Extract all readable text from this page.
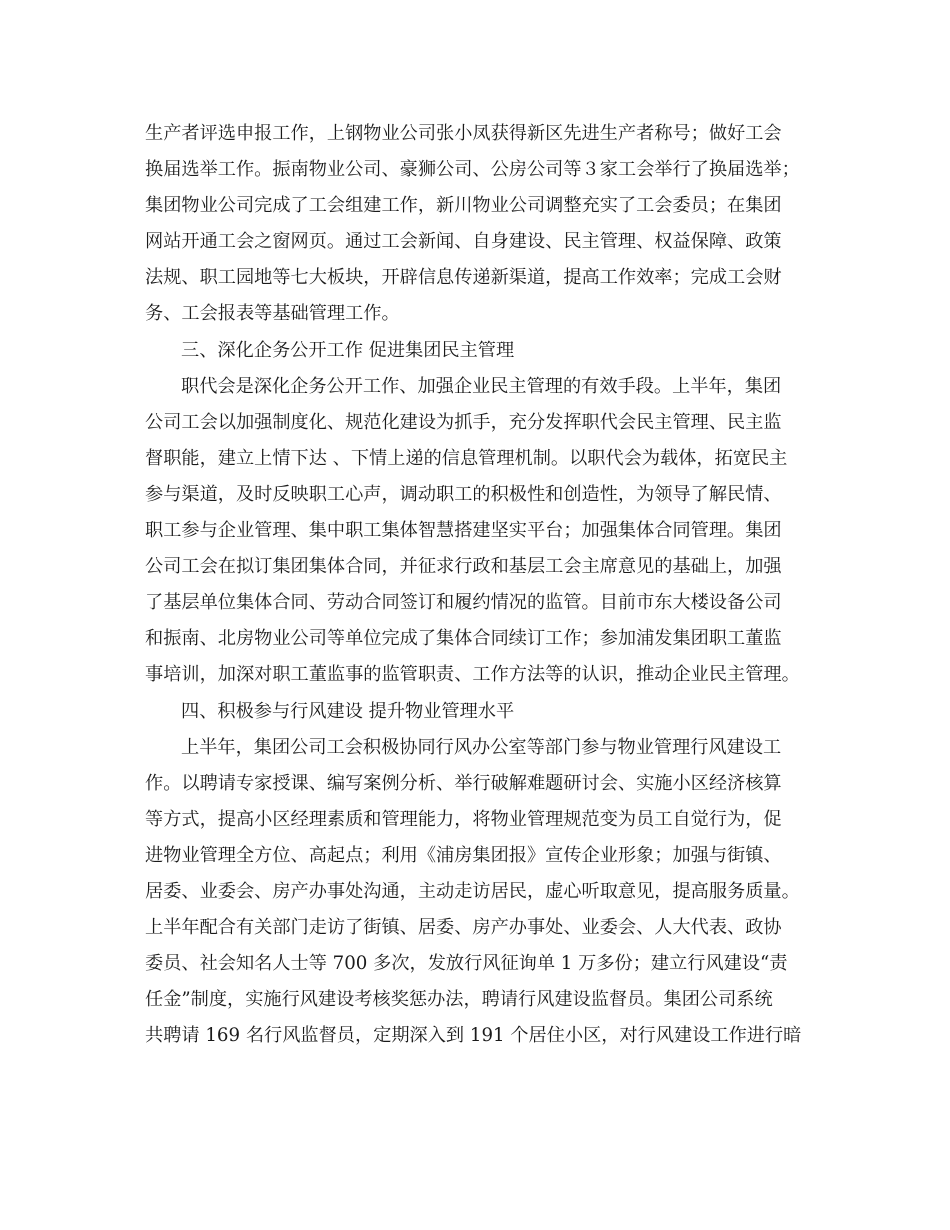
生产者评选申报工作，上钢物业公司张小凤获得新区先进生产者称号；做好工会
换届选举工作。振南物业公司、豪狮公司、公房公司等３家工会举行了换届选举；
集团物业公司完成了工会组建工作，新川物业公司调整充实了工会委员；在集团
网站开通工会之窗网页。通过工会新闻、自身建设、民主管理、权益保障、政策
法规、职工园地等七大板块，开辟信息传递新渠道，提高工作效率；完成工会财
务、工会报表等基础管理工作。
三、深化企务公开工作 促进集团民主管理
职代会是深化企务公开工作、加强企业民主管理的有效手段。上半年，集团
公司工会以加强制度化、规范化建设为抓手，充分发挥职代会民主管理、民主监
督职能，建立上情下达 、下情上递的信息管理机制。以职代会为载体，拓宽民主
参与渠道，及时反映职工心声，调动职工的积极性和创造性，为领导了解民情、
职工参与企业管理、集中职工集体智慧搭建坚实平台；加强集体合同管理。集团
公司工会在拟订集团集体合同，并征求行政和基层工会主席意见的基础上，加强
了基层单位集体合同、劳动合同签订和履约情况的监管。目前市东大楼设备公司
和振南、北房物业公司等单位完成了集体合同续订工作；参加浦发集团职工董监
事培训，加深对职工董监事的监管职责、工作方法等的认识，推动企业民主管理。
四、积极参与行风建设 提升物业管理水平
上半年，集团公司工会积极协同行风办公室等部门参与物业管理行风建设工
作。以聘请专家授课、编写案例分析、举行破解难题研讨会、实施小区经济核算
等方式，提高小区经理素质和管理能力，将物业管理规范变为员工自觉行为，促
进物业管理全方位、高起点；利用《浦房集团报》宣传企业形象；加强与街镇、
居委、业委会、房产办事处沟通，主动走访居民，虚心听取意见，提高服务质量。
上半年配合有关部门走访了街镇、居委、房产办事处、业委会、人大代表、政协
委员、社会知名人士等 700 多次，发放行风征询单 1 万多份；建立行风建设“责
任金”制度，实施行风建设考核奖惩办法，聘请行风建设监督员。集团公司系统
共聘请 169 名行风监督员，定期深入到 191 个居住小区，对行风建设工作进行暗
